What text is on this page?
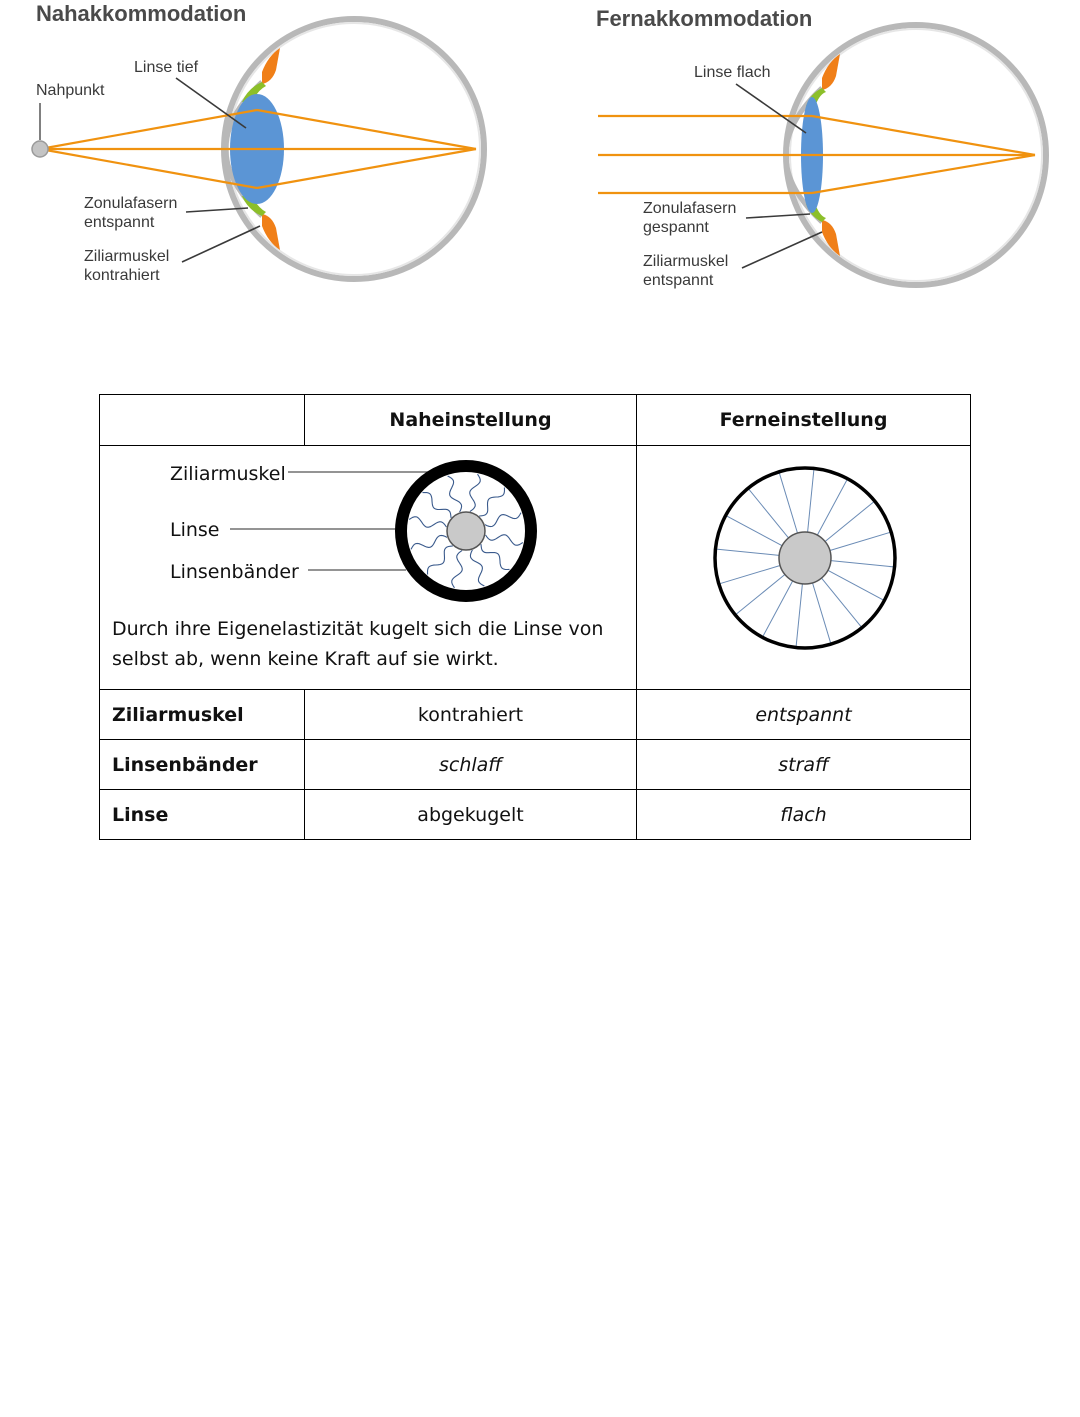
Nahakkommodation
Linse tief
Nahpunkt
Zonulafasern
entspannt
Ziliarmuskel
kontrahiert
Fernakkommodation
Linse flach
Zonulafasern
gespannt
Ziliarmuskel
entspannt
	Naheinstellung	Ferneinstellung

Ziliarmuskel
Linse
Linsenbänder

Durch ihre Eigenelastizität kugelt sich die Linse von selbst ab, wenn keine Kraft auf sie wirkt.

Ziliarmuskel	kontrahiert	entspannt
Linsenbänder	schlaff	straff
Linse	abgekugelt	flach
